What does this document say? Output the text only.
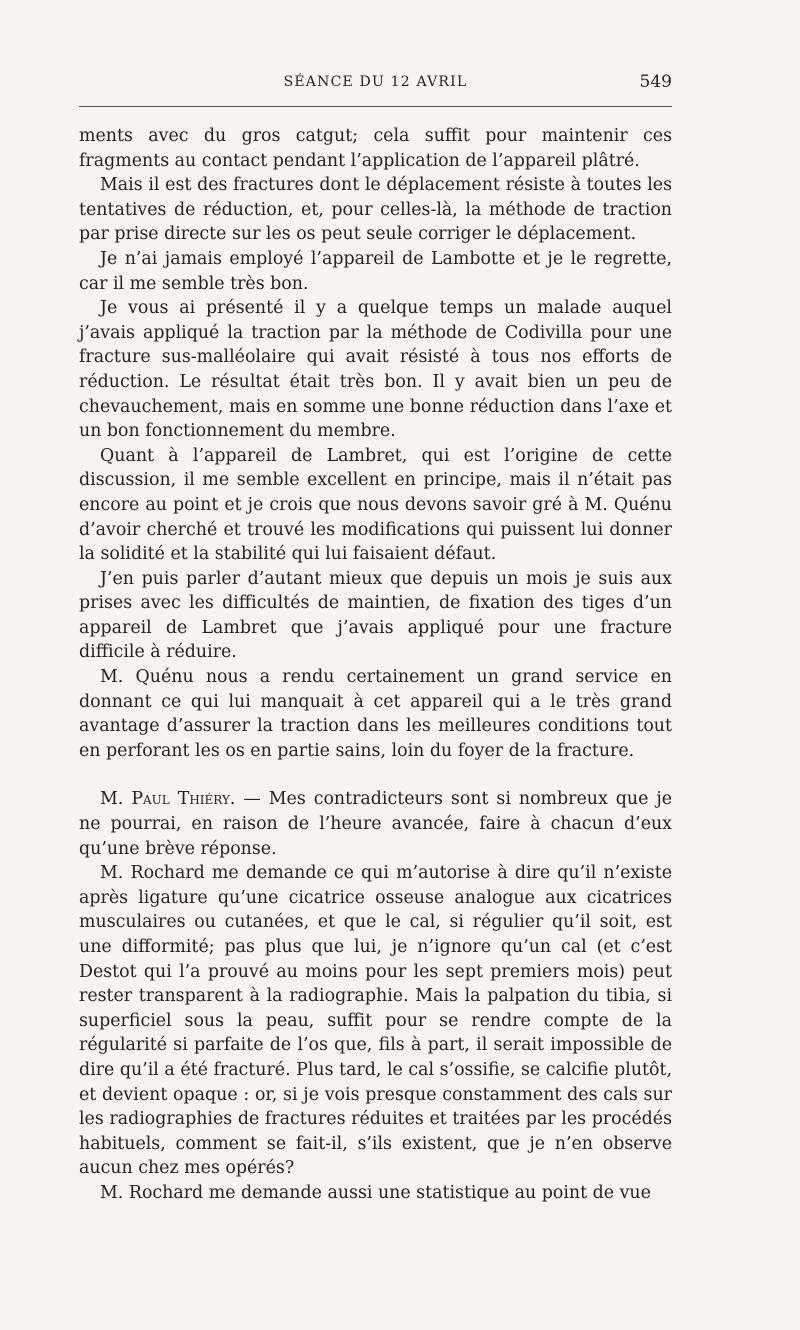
SÉANCE DU 12 AVRIL	549

ments avec du gros catgut; cela suffit pour maintenir ces fragments au contact pendant l’application de l’appareil plâtré.

Mais il est des fractures dont le déplacement résiste à toutes les tentatives de réduction, et, pour celles-là, la méthode de traction par prise directe sur les os peut seule corriger le déplacement.

Je n’ai jamais employé l’appareil de Lambotte et je le regrette, car il me semble très bon.

Je vous ai présenté il y a quelque temps un malade auquel j’avais appliqué la traction par la méthode de Codivilla pour une fracture sus-malléolaire qui avait résisté à tous nos efforts de réduction. Le résultat était très bon. Il y avait bien un peu de chevauchement, mais en somme une bonne réduction dans l’axe et un bon fonctionnement du membre.

Quant à l’appareil de Lambret, qui est l’origine de cette discussion, il me semble excellent en principe, mais il n’était pas encore au point et je crois que nous devons savoir gré à M. Quénu d’avoir cherché et trouvé les modifications qui puissent lui donner la solidité et la stabilité qui lui faisaient défaut.

J’en puis parler d’autant mieux que depuis un mois je suis aux prises avec les difficultés de maintien, de fixation des tiges d’un appareil de Lambret que j’avais appliqué pour une fracture difficile à réduire.

M. Quénu nous a rendu certainement un grand service en donnant ce qui lui manquait à cet appareil qui a le très grand avantage d’assurer la traction dans les meilleures conditions tout en perforant les os en partie sains, loin du foyer de la fracture.

M. Paul Thiéry. — Mes contradicteurs sont si nombreux que je ne pourrai, en raison de l’heure avancée, faire à chacun d’eux qu’une brève réponse.

M. Rochard me demande ce qui m’autorise à dire qu’il n’existe après ligature qu’une cicatrice osseuse analogue aux cicatrices musculaires ou cutanées, et que le cal, si régulier qu’il soit, est une difformité; pas plus que lui, je n’ignore qu’un cal (et c’est Destot qui l’a prouvé au moins pour les sept premiers mois) peut rester transparent à la radiographie. Mais la palpation du tibia, si superficiel sous la peau, suffit pour se rendre compte de la régularité si parfaite de l’os que, fils à part, il serait impossible de dire qu’il a été fracturé. Plus tard, le cal s’ossifie, se calcifie plutôt, et devient opaque : or, si je vois presque constamment des cals sur les radiographies de fractures réduites et traitées par les procédés habituels, comment se fait-il, s’ils existent, que je n’en observe aucun chez mes opérés?

M. Rochard me demande aussi une statistique au point de vue
